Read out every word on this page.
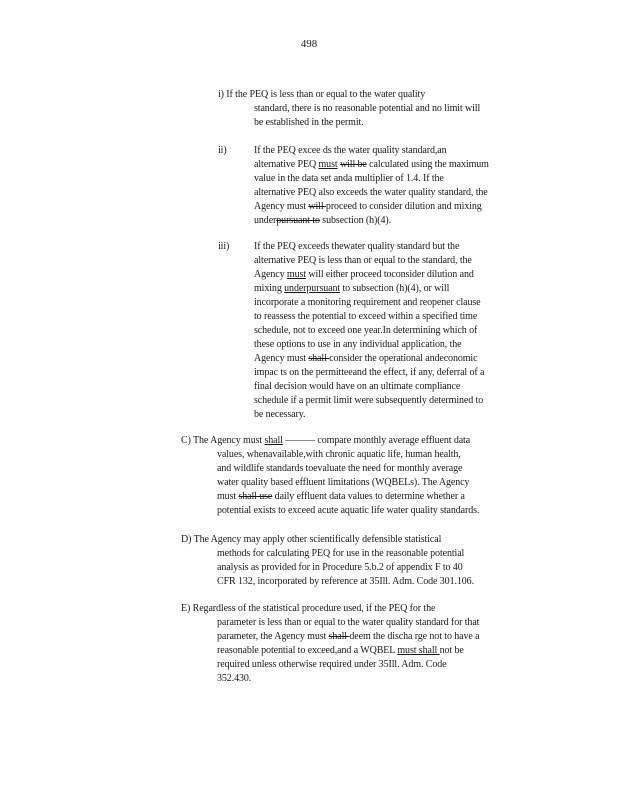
498
i) If the PEQ is less than or equal to the water quality
standard, there is no reasonable potential and no limit will
be established in the permit.
ii)	If the PEQ excee ds the water quality standard,an
alternative PEQ must will be calculated using the maximum
value in the data set anda multiplier of 1.4. If the
alternative PEQ also exceeds the water quality standard, the
Agency must will proceed to consider dilution and mixing
underpursuant to subsection (h)(4).
iii) If the PEQ exceeds thewater quality standard but the
alternative PEQ is less than or equal to the standard, the
Agency must will either proceed toconsider dilution and
mixing underpursuant to subsection (h)(4), or will
incorporate a monitoring requirement and reopener clause
to reassess the potential to exceed within a specified time
schedule, not to exceed one year.In determining which of
these options to use in any individual application, the
Agency must shall consider the operational andeconomic
impac ts on the permitteeand the effect, if any, deferral of a
final decision would have on an ultimate compliance
schedule if a permit limit were subsequently determined to
be necessary.
C) The Agency must shall ——— compare monthly average effluent data
values, whenavailable,with chronic aquatic life, human health,
and wildlife standards toevaluate the need for monthly average
water quality based effluent limitations (WQBELs). The Agency
must shall use daily effluent data values to determine whether a
potential exists to exceed acute aquatic life water quality standards.
D) The Agency may apply other scientifically defensible statistical
methods for calculating PEQ for use in the reasonable potential
analysis as provided for in Procedure 5.b.2 of appendix F to 40
CFR 132, incorporated by reference at 35Ill. Adm. Code 301.106.
E) Regardless of the statistical procedure used, if the PEQ for the
parameter is less than or equal to the water quality standard for that
parameter, the Agency must shall deem the discha rge not to have a
reasonable potential to exceed,and a WQBEL must shall not be
required unless otherwise required under 35Ill. Adm. Code
352.430.
